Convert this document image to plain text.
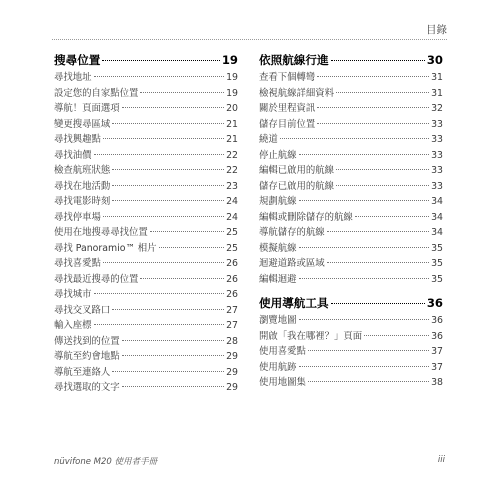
目錄
搜尋位置	19
尋找地址	19
設定您的自家點位置	19
導航！頁面選項	20
變更搜尋區域	21
尋找興趣點	21
尋找油價	22
檢查航班狀態	22
尋找在地活動	23
尋找電影時刻	24
尋找停車場	24
使用在地搜尋尋找位置	25
尋找 Panoramio™ 相片	25
尋找喜愛點	26
尋找最近搜尋的位置	26
尋找城市	26
尋找交叉路口	27
輸入座標	27
傳送找到的位置	28
導航至約會地點	29
導航至連絡人	29
尋找選取的文字	29
依照航線行進	30
查看下個轉彎	31
檢視航線詳細資料	31
關於里程資訊	32
儲存目前位置	33
繞道	33
停止航線	33
編輯已啟用的航線	33
儲存已啟用的航線	33
規劃航線	34
編輯或刪除儲存的航線	34
導航儲存的航線	34
模擬航線	35
迴避道路或區域	35
編輯迴避	35
使用導航工具	36
瀏覽地圖	36
開啟「我在哪裡？」頁面	36
使用喜愛點	37
使用航跡	37
使用地圖集	38
nüvifone M20 使用者手冊	iii
